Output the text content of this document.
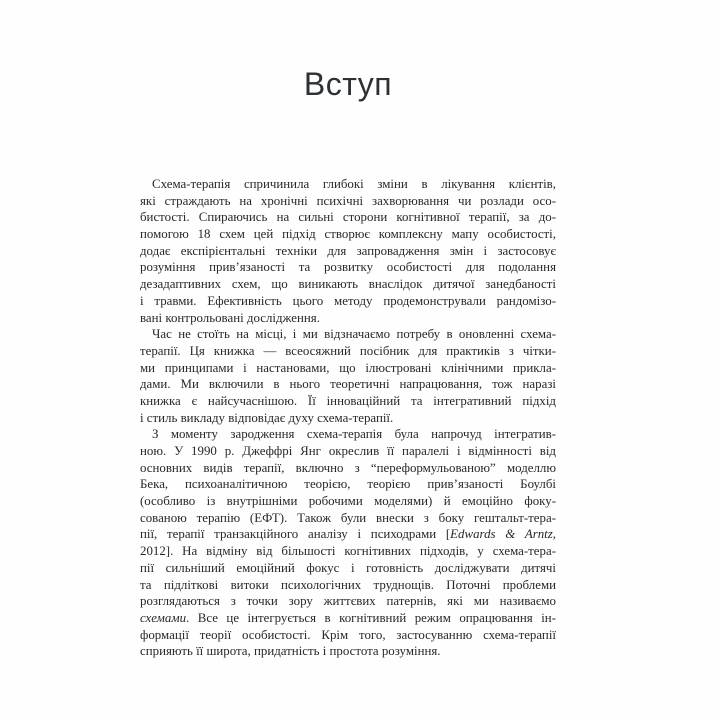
Вступ
Схема-терапія спричинила глибокі зміни в лікування клієнтів,
які страждають на хронічні психічні захворювання чи розлади осо-
бистості. Спираючись на сильні сторони когнітивної терапії, за до-
помогою 18 схем цей підхід створює комплексну мапу особистості,
додає експірієнтальні техніки для запровадження змін і застосовує
розуміння прив’язаності та розвитку особистості для подолання
дезадаптивних схем, що виникають внаслідок дитячої занедбаності
і травми. Ефективність цього методу продемонстрували рандомізо-
вані контрольовані дослідження.
Час не стоїть на місці, і ми відзначаємо потребу в оновленні схема-
терапії. Ця книжка — всеосяжний посібник для практиків з чітки-
ми принципами і настановами, що ілюстровані клінічними прикла-
дами. Ми включили в нього теоретичні напрацювання, тож наразі
книжка є найсучаснішою. Її інноваційний та інтегративний підхід
і стиль викладу відповідає духу схема-терапії.
З моменту зародження схема-терапія була напрочуд інтегратив-
ною. У 1990 р. Джеффрі Янг окреслив її паралелі і відмінності від
основних видів терапії, включно з “переформульованою” моделлю
Бека, психоаналітичною теорією, теорією прив’язаності Боулбі
(особливо із внутрішніми робочими моделями) й емоційно фоку-
сованою терапію (ЕФТ). Також були внески з боку гештальт-тера-
пії, терапії транзакційного аналізу і психодрами [Edwards & Arntz,
2012]. На відміну від більшості когнітивних підходів, у схема-тера-
пії сильніший емоційний фокус і готовність досліджувати дитячі
та підліткові витоки психологічних труднощів. Поточні проблеми
розглядаються з точки зору життєвих патернів, які ми називаємо
схемами. Все це інтегрується в когнітивний режим опрацювання ін-
формації теорії особистості. Крім того, застосуванню схема-терапії
сприяють її широта, придатність і простота розуміння.
